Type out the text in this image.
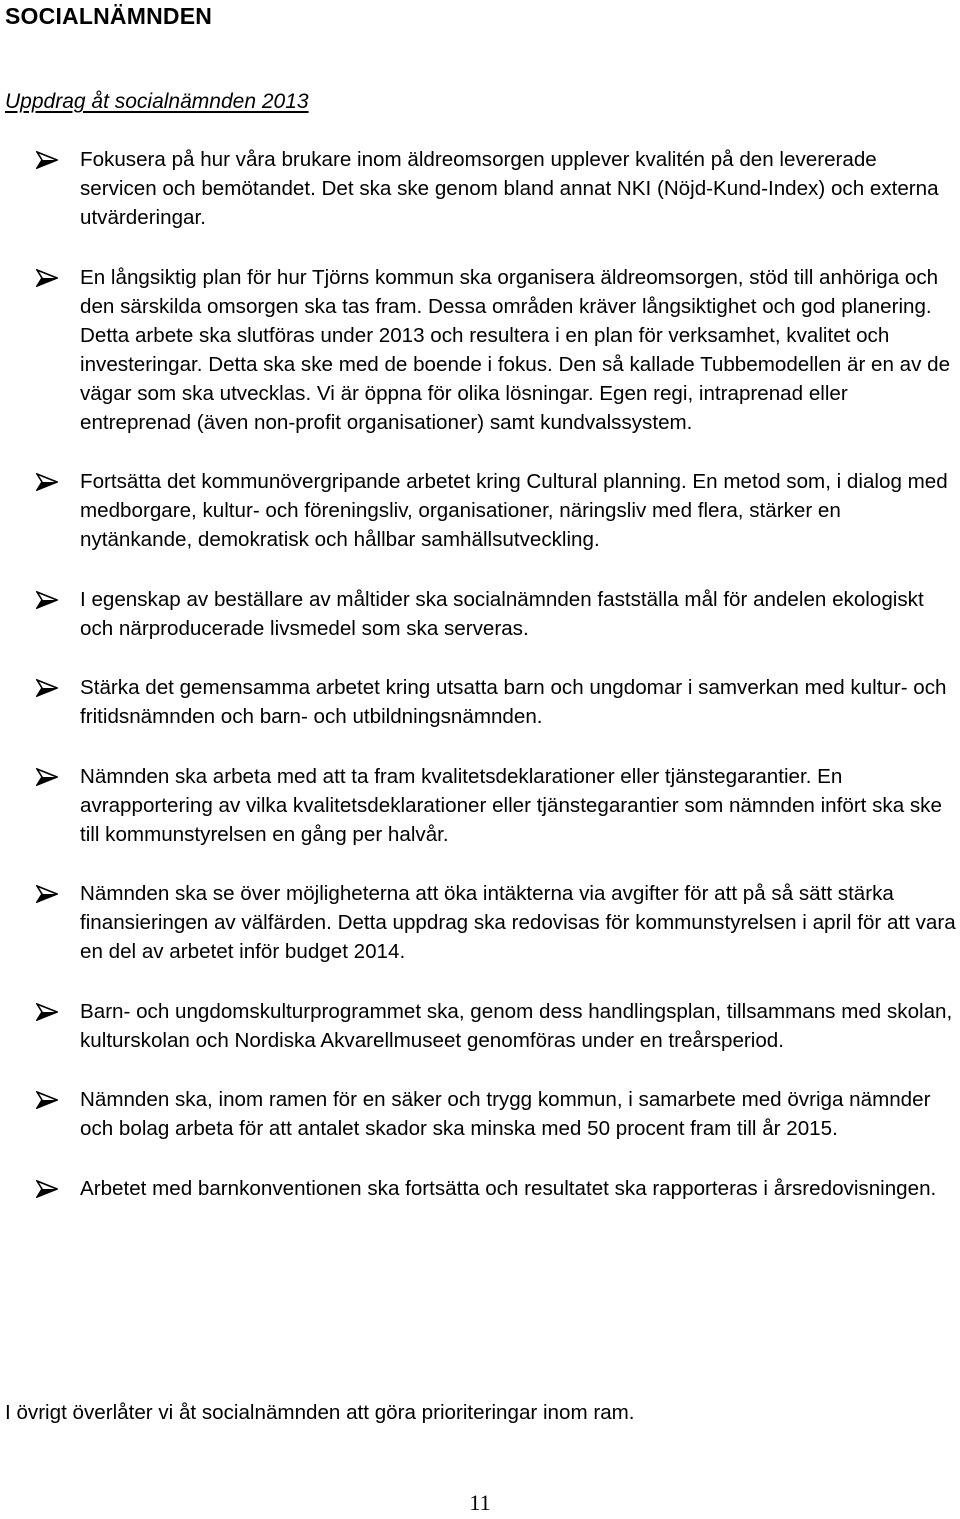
SOCIALNÄMNDEN
Uppdrag åt socialnämnden 2013
Fokusera på hur våra brukare inom äldreomsorgen upplever kvalitén på den levererade servicen och bemötandet. Det ska ske genom bland annat NKI (Nöjd-Kund-Index) och externa utvärderingar.
En långsiktig plan för hur Tjörns kommun ska organisera äldreomsorgen, stöd till anhöriga och den särskilda omsorgen ska tas fram. Dessa områden kräver långsiktighet och god planering. Detta arbete ska slutföras under 2013 och resultera i en plan för verksamhet, kvalitet och investeringar. Detta ska ske med de boende i fokus. Den så kallade Tubbemodellen är en av de vägar som ska utvecklas. Vi är öppna för olika lösningar. Egen regi, intraprenad eller entreprenad (även non-profit organisationer) samt kundvalssystem.
Fortsätta det kommunövergripande arbetet kring Cultural planning. En metod som, i dialog med medborgare, kultur- och föreningsliv, organisationer, näringsliv med flera, stärker en nytänkande, demokratisk och hållbar samhällsutveckling.
I egenskap av beställare av måltider ska socialnämnden fastställa mål för andelen ekologiskt och närproducerade livsmedel som ska serveras.
Stärka det gemensamma arbetet kring utsatta barn och ungdomar i samverkan med kultur- och fritidsnämnden och barn- och utbildningsnämnden.
Nämnden ska arbeta med att ta fram kvalitetsdeklarationer eller tjänstegarantier. En avrapportering av vilka kvalitetsdeklarationer eller tjänstegarantier som nämnden infört ska ske till kommunstyrelsen en gång per halvår.
Nämnden ska se över möjligheterna att öka intäkterna via avgifter för att på så sätt stärka finansieringen av välfärden. Detta uppdrag ska redovisas för kommunstyrelsen i april för att vara en del av arbetet inför budget 2014.
Barn- och ungdomskulturprogrammet ska, genom dess handlingsplan, tillsammans med skolan, kulturskolan och Nordiska Akvarellmuseet genomföras under en treårsperiod.
Nämnden ska, inom ramen för en säker och trygg kommun, i samarbete med övriga nämnder och bolag arbeta för att antalet skador ska minska med 50 procent fram till år 2015.
Arbetet med barnkonventionen ska fortsätta och resultatet ska rapporteras i årsredovisningen.
I övrigt överlåter vi åt socialnämnden att göra prioriteringar inom ram.
11
